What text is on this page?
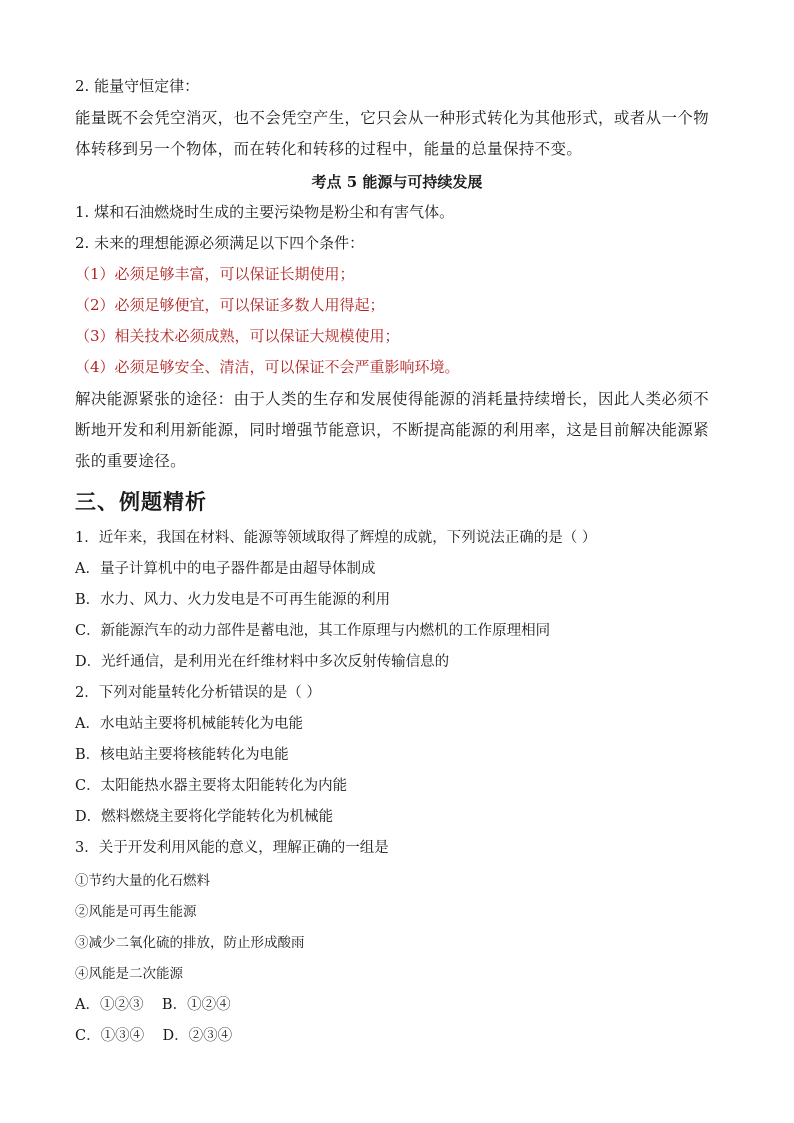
2. 能量守恒定律：
能量既不会凭空消灭，也不会凭空产生，它只会从一种形式转化为其他形式，或者从一个物
体转移到另一个物体，而在转化和转移的过程中，能量的总量保持不变。
考点 5 能源与可持续发展
1. 煤和石油燃烧时生成的主要污染物是粉尘和有害气体。
2. 未来的理想能源必须满足以下四个条件：
（1）必须足够丰富，可以保证长期使用；
（2）必须足够便宜，可以保证多数人用得起；
（3）相关技术必须成熟，可以保证大规模使用；
（4）必须足够安全、清洁，可以保证不会严重影响环境。
解决能源紧张的途径：由于人类的生存和发展使得能源的消耗量持续增长，因此人类必须不
断地开发和利用新能源，同时增强节能意识，不断提高能源的利用率，这是目前解决能源紧
张的重要途径。
三、例题精析
1．近年来，我国在材料、能源等领域取得了辉煌的成就，下列说法正确的是（ ）
A．量子计算机中的电子器件都是由超导体制成
B．水力、风力、火力发电是不可再生能源的利用
C．新能源汽车的动力部件是蓄电池，其工作原理与内燃机的工作原理相同
D．光纤通信，是利用光在纤维材料中多次反射传输信息的
2．下列对能量转化分析错误的是（ ）
A．水电站主要将机械能转化为电能
B．核电站主要将核能转化为电能
C．太阳能热水器主要将太阳能转化为内能
D．燃料燃烧主要将化学能转化为机械能
3．关于开发利用风能的意义，理解正确的一组是
①节约大量的化石燃料
②风能是可再生能源
③减少二氧化硫的排放，防止形成酸雨
④风能是二次能源
A．①②③    B．①②④
C．①③④    D．②③④
